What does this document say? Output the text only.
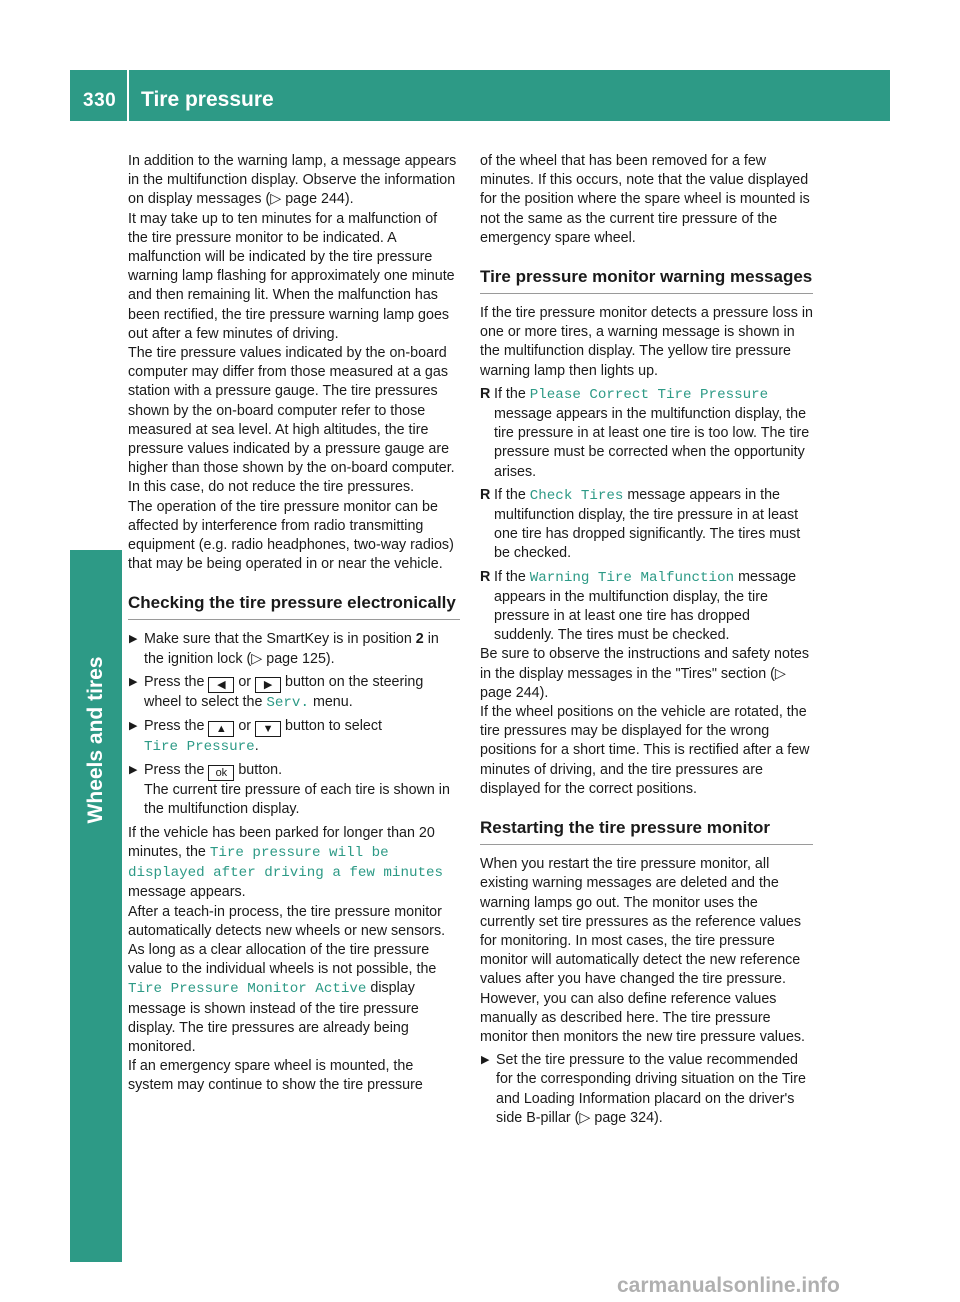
330 Tire pressure
Wheels and tires

In addition to the warning lamp, a message appears in the multifunction display. Observe the information on display messages (▷ page 244).

It may take up to ten minutes for a malfunction of the tire pressure monitor to be indicated. A malfunction will be indicated by the tire pressure warning lamp flashing for approximately one minute and then remaining lit. When the malfunction has been rectified, the tire pressure warning lamp goes out after a few minutes of driving.

The tire pressure values indicated by the on-board computer may differ from those measured at a gas station with a pressure gauge. The tire pressures shown by the on-board computer refer to those measured at sea level. At high altitudes, the tire pressure values indicated by a pressure gauge are higher than those shown by the on-board computer. In this case, do not reduce the tire pressures.

The operation of the tire pressure monitor can be affected by interference from radio transmitting equipment (e.g. radio headphones, two-way radios) that may be being operated in or near the vehicle.

Checking the tire pressure electronically

▶ Make sure that the SmartKey is in position 2 in the ignition lock (▷ page 125).

▶ Press the ◀ or ▶ button on the steering wheel to select the Serv. menu.

▶ Press the ▲ or ▼ button to select
Tire Pressure.

▶ Press the ok button.
The current tire pressure of each tire is shown in the multifunction display.

If the vehicle has been parked for longer than 20 minutes, the Tire pressure will be displayed after driving a few minutes message appears.

After a teach-in process, the tire pressure monitor automatically detects new wheels or new sensors. As long as a clear allocation of the tire pressure value to the individual wheels is not possible, the Tire Pressure Monitor Active display message is shown instead of the tire pressure display. The tire pressures are already being monitored.

If an emergency spare wheel is mounted, the system may continue to show the tire pressure

of the wheel that has been removed for a few minutes. If this occurs, note that the value displayed for the position where the spare wheel is mounted is not the same as the current tire pressure of the emergency spare wheel.

Tire pressure monitor warning messages

If the tire pressure monitor detects a pressure loss in one or more tires, a warning message is shown in the multifunction display. The yellow tire pressure warning lamp then lights up.

R If the Please Correct Tire Pressure message appears in the multifunction display, the tire pressure in at least one tire is too low. The tire pressure must be corrected when the opportunity arises.

R If the Check Tires message appears in the multifunction display, the tire pressure in at least one tire has dropped significantly. The tires must be checked.

R If the Warning Tire Malfunction message appears in the multifunction display, the tire pressure in at least one tire has dropped suddenly. The tires must be checked.

Be sure to observe the instructions and safety notes in the display messages in the "Tires" section (▷ page 244).

If the wheel positions on the vehicle are rotated, the tire pressures may be displayed for the wrong positions for a short time. This is rectified after a few minutes of driving, and the tire pressures are displayed for the correct positions.

Restarting the tire pressure monitor

When you restart the tire pressure monitor, all existing warning messages are deleted and the warning lamps go out. The monitor uses the currently set tire pressures as the reference values for monitoring. In most cases, the tire pressure monitor will automatically detect the new reference values after you have changed the tire pressure. However, you can also define reference values manually as described here. The tire pressure monitor then monitors the new tire pressure values.

▶ Set the tire pressure to the value recommended for the corresponding driving situation on the Tire and Loading Information placard on the driver's side B-pillar (▷ page 324).

carmanualsonline.info
